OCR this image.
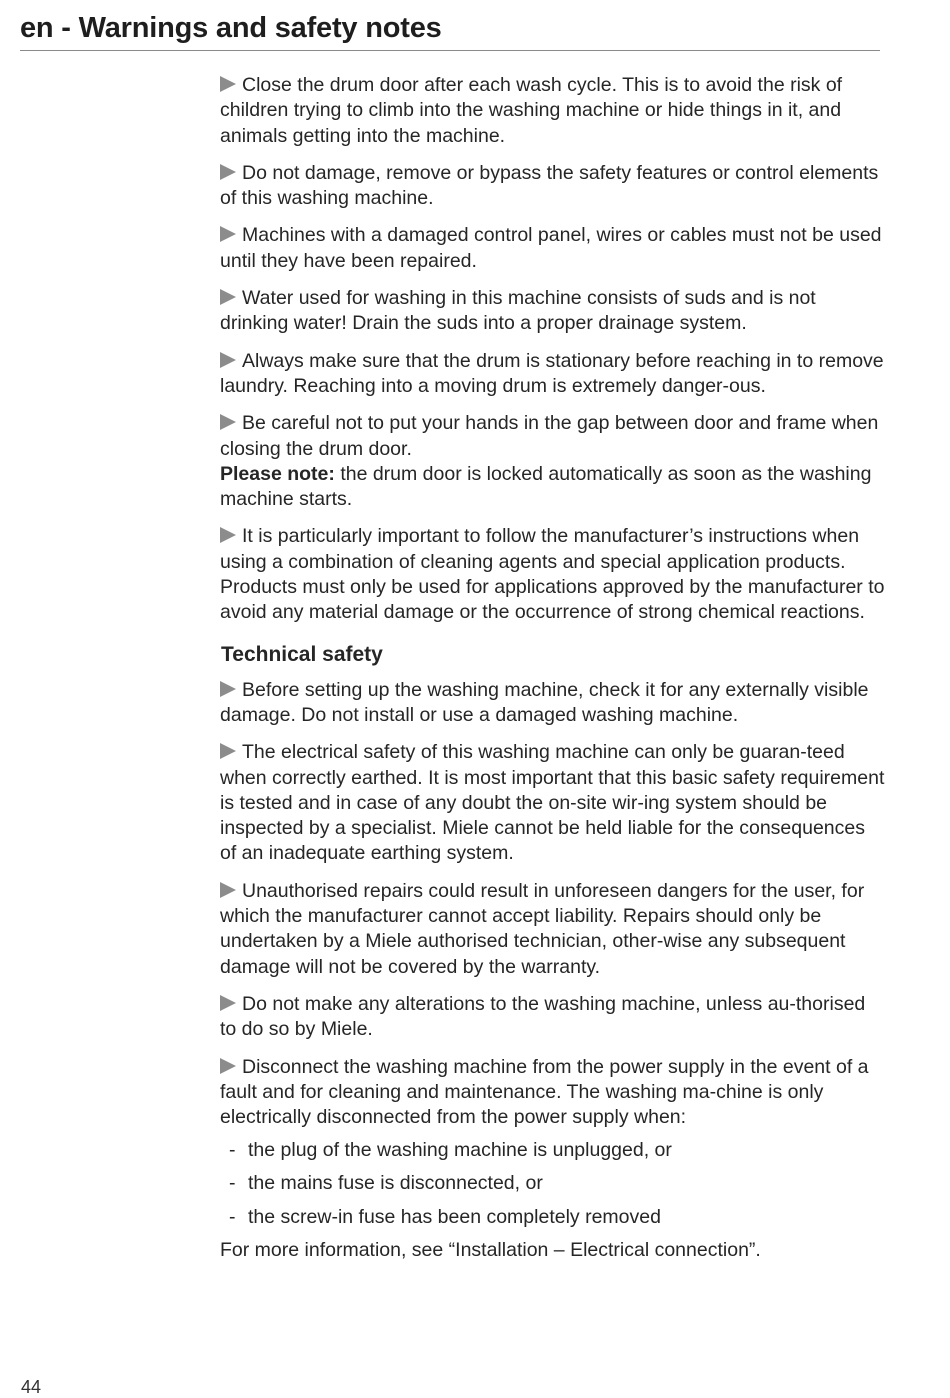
en - Warnings and safety notes

Close the drum door after each wash cycle. This is to avoid the risk of children trying to climb into the washing machine or hide things in it, and animals getting into the machine.

Do not damage, remove or bypass the safety features or control elements of this washing machine.

Machines with a damaged control panel, wires or cables must not be used until they have been repaired.

Water used for washing in this machine consists of suds and is not drinking water! Drain the suds into a proper drainage system.

Always make sure that the drum is stationary before reaching in to remove laundry. Reaching into a moving drum is extremely danger-ous.

Be careful not to put your hands in the gap between door and frame when closing the drum door.
Please note: the drum door is locked automatically as soon as the washing machine starts.

It is particularly important to follow the manufacturer’s instructions when using a combination of cleaning agents and special application products. Products must only be used for applications approved by the manufacturer to avoid any material damage or the occurrence of strong chemical reactions.

Technical safety

Before setting up the washing machine, check it for any externally visible damage. Do not install or use a damaged washing machine.

The electrical safety of this washing machine can only be guaran-teed when correctly earthed. It is most important that this basic safety requirement is tested and in case of any doubt the on-site wir-ing system should be inspected by a specialist. Miele cannot be held liable for the consequences of an inadequate earthing system.

Unauthorised repairs could result in unforeseen dangers for the user, for which the manufacturer cannot accept liability. Repairs should only be undertaken by a Miele authorised technician, other-wise any subsequent damage will not be covered by the warranty.

Do not make any alterations to the washing machine, unless au-thorised to do so by Miele.

Disconnect the washing machine from the power supply in the event of a fault and for cleaning and maintenance. The washing ma-chine is only electrically disconnected from the power supply when:

- the plug of the washing machine is unplugged, or
- the mains fuse is disconnected, or
- the screw-in fuse has been completely removed

For more information, see “Installation – Electrical connection”.

44
